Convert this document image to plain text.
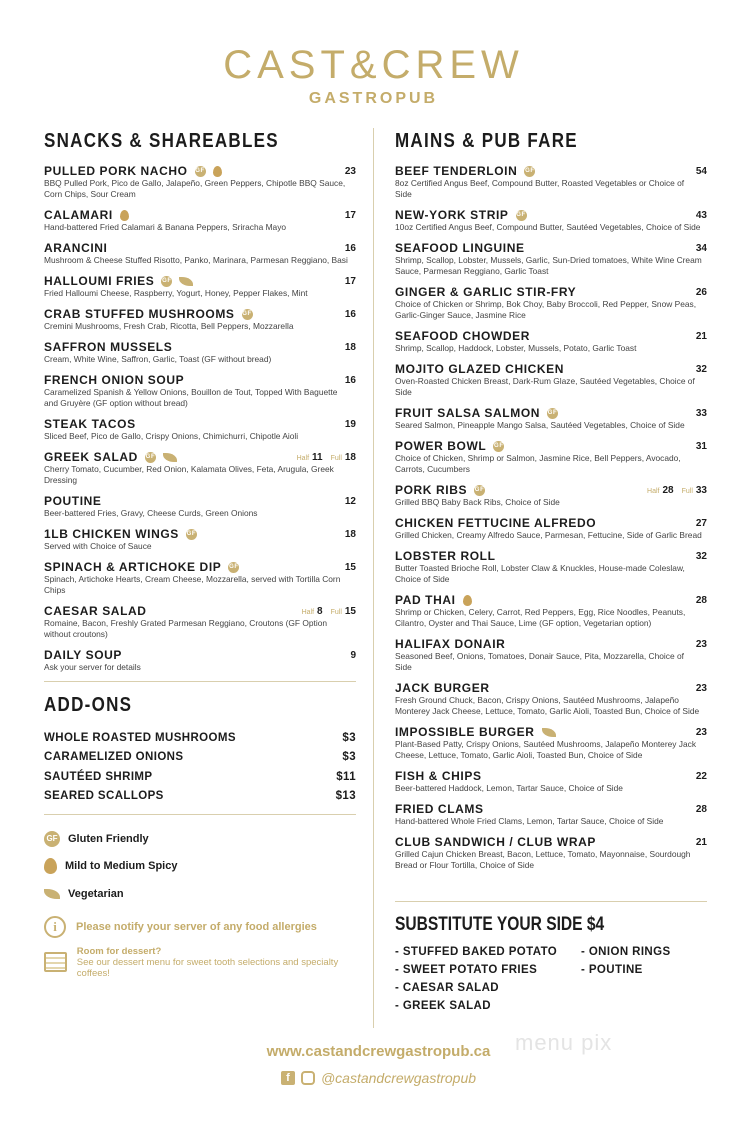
CAST&CREW
GASTROPUB
SNACKS & SHAREABLES
PULLED PORK NACHO GF	23
BBQ Pulled Pork, Pico de Gallo, Jalapeño, Green Peppers, Chipotle BBQ Sauce, Corn Chips, Sour Cream
CALAMARI	17
Hand-battered Fried Calamari & Banana Peppers, Sriracha Mayo
ARANCINI	16
Mushroom & Cheese Stuffed Risotto, Panko, Marinara, Parmesan Reggiano, Basi
HALLOUMI FRIES GF	17
Fried Halloumi Cheese, Raspberry, Yogurt, Honey, Pepper Flakes, Mint
CRAB STUFFED MUSHROOMS GF	16
Cremini Mushrooms, Fresh Crab, Ricotta, Bell Peppers, Mozzarella
SAFFRON MUSSELS	18
Cream, White Wine, Saffron, Garlic, Toast (GF without bread)
FRENCH ONION SOUP	16
Caramelized Spanish & Yellow Onions, Bouillon de Tout, Topped With Baguette and Gruyère (GF option without bread)
STEAK TACOS	19
Sliced Beef, Pico de Gallo, Crispy Onions, Chimichurri, Chipotle Aioli
GREEK SALAD GF	Half 11 Full 18
Cherry Tomato, Cucumber, Red Onion, Kalamata Olives, Feta, Arugula, Greek Dressing
POUTINE	12
Beer-battered Fries, Gravy, Cheese Curds, Green Onions
1LB CHICKEN WINGS GF	18
Served with Choice of Sauce
SPINACH & ARTICHOKE DIP GF	15
Spinach, Artichoke Hearts, Cream Cheese, Mozzarella, served with Tortilla Corn Chips
CAESAR SALAD	Half 8 Full 15
Romaine, Bacon, Freshly Grated Parmesan Reggiano, Croutons (GF Option without croutons)
DAILY SOUP	9
Ask your server for details
ADD-ONS
WHOLE ROASTED MUSHROOMS	$3
CARAMELIZED ONIONS	$3
SAUTÉED SHRIMP	$11
SEARED SCALLOPS	$13
GF Gluten Friendly
Mild to Medium Spicy
Vegetarian
i	Please notify your server of any food allergies
Room for dessert?
See our dessert menu for sweet tooth selections and specialty coffees!
MAINS & PUB FARE
BEEF TENDERLOIN GF	54
8oz Certified Angus Beef, Compound Butter, Roasted Vegetables or Choice of Side
NEW-YORK STRIP GF	43
10oz Certified Angus Beef, Compound Butter, Sautéed Vegetables, Choice of Side
SEAFOOD LINGUINE	34
Shrimp, Scallop, Lobster, Mussels, Garlic, Sun-Dried tomatoes, White Wine Cream Sauce, Parmesan Reggiano, Garlic Toast
GINGER & GARLIC STIR-FRY	26
Choice of Chicken or Shrimp, Bok Choy, Baby Broccoli, Red Pepper, Snow Peas, Garlic-Ginger Sauce, Jasmine Rice
SEAFOOD CHOWDER	21
Shrimp, Scallop, Haddock, Lobster, Mussels, Potato, Garlic Toast
MOJITO GLAZED CHICKEN	32
Oven-Roasted Chicken Breast, Dark-Rum Glaze, Sautéed Vegetables, Choice of Side
FRUIT SALSA SALMON GF	33
Seared Salmon, Pineapple Mango Salsa, Sautéed Vegetables, Choice of Side
POWER BOWL GF	31
Choice of Chicken, Shrimp or Salmon, Jasmine Rice, Bell Peppers, Avocado, Carrots, Cucumbers
PORK RIBS GF	Half 28 Full 33
Grilled BBQ Baby Back Ribs, Choice of Side
CHICKEN FETTUCINE ALFREDO	27
Grilled Chicken, Creamy Alfredo Sauce, Parmesan, Fettucine, Side of Garlic Bread
LOBSTER ROLL	32
Butter Toasted Brioche Roll, Lobster Claw & Knuckles, House-made Coleslaw, Choice of Side
PAD THAI	28
Shrimp or Chicken, Celery, Carrot, Red Peppers, Egg, Rice Noodles, Peanuts, Cilantro, Oyster and Thai Sauce, Lime (GF option, Vegetarian option)
HALIFAX DONAIR	23
Seasoned Beef, Onions, Tomatoes, Donair Sauce, Pita, Mozzarella, Choice of Side
JACK BURGER	23
Fresh Ground Chuck, Bacon, Crispy Onions, Sautéed Mushrooms, Jalapeño Monterey Jack Cheese, Lettuce, Tomato, Garlic Aioli, Toasted Bun, Choice of Side
IMPOSSIBLE BURGER	23
Plant-Based Patty, Crispy Onions, Sautéed Mushrooms, Jalapeño Monterey Jack Cheese, Lettuce, Tomato, Garlic Aioli, Toasted Bun, Choice of Side
FISH & CHIPS	22
Beer-battered Haddock, Lemon, Tartar Sauce, Choice of Side
FRIED CLAMS	28
Hand-battered Whole Fried Clams, Lemon, Tartar Sauce, Choice of Side
CLUB SANDWICH / CLUB WRAP	21
Grilled Cajun Chicken Breast, Bacon, Lettuce, Tomato, Mayonnaise, Sourdough Bread or Flour Tortilla, Choice of Side
SUBSTITUTE YOUR SIDE $4
- STUFFED BAKED POTATO	- ONION RINGS
- SWEET POTATO FRIES	- POUTINE
- CAESAR SALAD
- GREEK SALAD
menu pix
www.castandcrewgastropub.ca
f	@castandcrewgastropub
